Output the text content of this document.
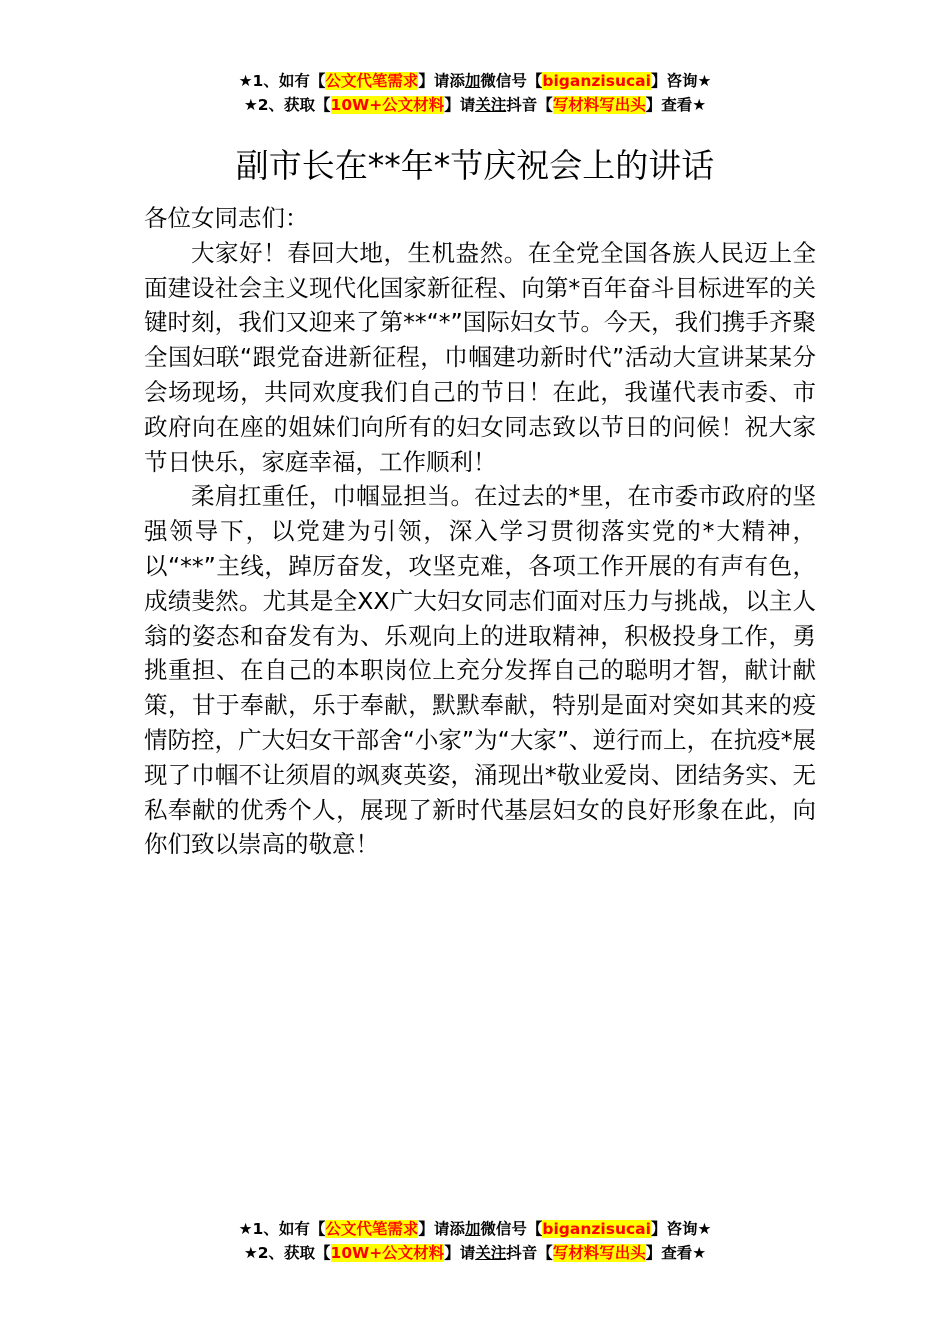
★1、如有【公文代笔需求】请添加微信号【biganzisucai】咨询★
★2、获取【10W+公文材料】请关注抖音【写材料写出头】查看★
副市长在**年*节庆祝会上的讲话

各位女同志们：

大家好！春回大地，生机盎然。在全党全国各族人民迈上全面建设社会主义现代化国家新征程、向第*百年奋斗目标进军的关键时刻，我们又迎来了第**“*”国际妇女节。今天，我们携手齐聚全国妇联“跟党奋进新征程，巾帼建功新时代”活动大宣讲某某分会场现场，共同欢度我们自己的节日！在此，我谨代表市委、市政府向在座的姐妹们向所有的妇女同志致以节日的问候！祝大家节日快乐，家庭幸福，工作顺利！

柔肩扛重任，巾帼显担当。在过去的*里，在市委市政府的坚强领导下，以党建为引领，深入学习贯彻落实党的*大精神，以“**”主线，踔厉奋发，攻坚克难，各项工作开展的有声有色，成绩斐然。尤其是全XX广大妇女同志们面对压力与挑战，以主人翁的姿态和奋发有为、乐观向上的进取精神，积极投身工作，勇挑重担、在自己的本职岗位上充分发挥自己的聪明才智，献计献策，甘于奉献，乐于奉献，默默奉献，特别是面对突如其来的疫情防控，广大妇女干部舍“小家”为“大家”、逆行而上，在抗疫*展现了巾帼不让须眉的飒爽英姿，涌现出*敬业爱岗、团结务实、无私奉献的优秀个人，展现了新时代基层妇女的良好形象在此，向你们致以崇高的敬意！

★1、如有【公文代笔需求】请添加微信号【biganzisucai】咨询★
★2、获取【10W+公文材料】请关注抖音【写材料写出头】查看★
